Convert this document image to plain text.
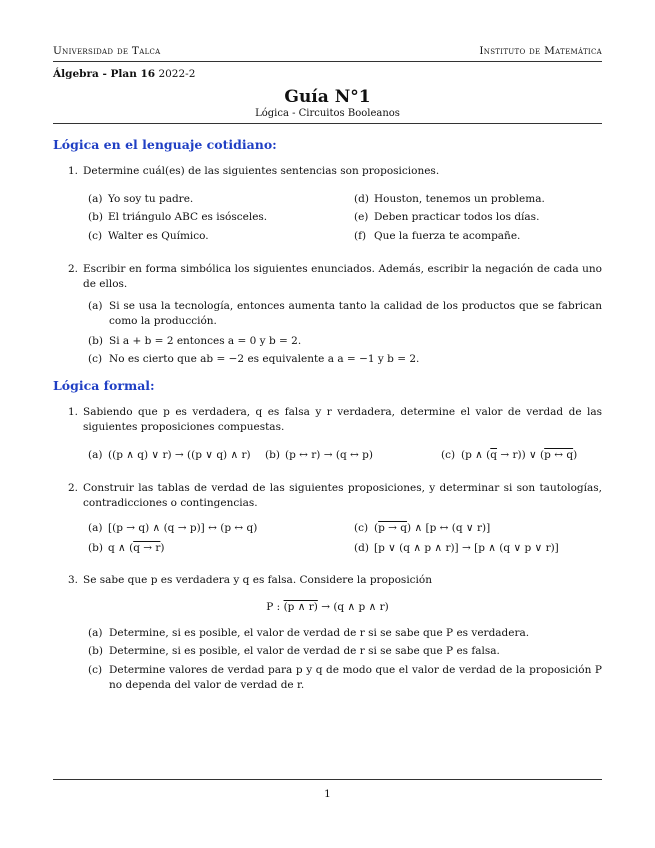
Universidad de Talca	Instituto de Matemática
Álgebra - Plan 16 2022-2
Guía N°1
Lógica - Circuitos Booleanos
Lógica en el lenguaje cotidiano:
1. Determine cuál(es) de las siguientes sentencias son proposiciones.
(a) Yo soy tu padre.
(b) El triángulo ABC es isósceles.
(c) Walter es Químico.
(d) Houston, tenemos un problema.
(e) Deben practicar todos los días.
(f) Que la fuerza te acompañe.
2. Escribir en forma simbólica los siguientes enunciados. Además, escribir la negación de cada uno de ellos.
(a) Si se usa la tecnología, entonces aumenta tanto la calidad de los productos que se fabrican como la producción.
(b) Si a + b = 2 entonces a = 0 y b = 2.
(c) No es cierto que ab = −2 es equivalente a a = −1 y b = 2.
Lógica formal:
1. Sabiendo que p es verdadera, q es falsa y r verdadera, determine el valor de verdad de las siguientes proposiciones compuestas.
(a) ((p ∧ q) ∨ r) → ((p ∨ q) ∧ r) (b) (p ↔ r) → (q ↔ p)	(c) (p ∧ $(\overline{q} \to r)$) ∨ (p ↔ q)
2. Construir las tablas de verdad de las siguientes proposiciones, y determinar si son tautologías, contradicciones o contingencias.
(a) [(p → q) ∧ (q → p)] ↔ (p ↔ q)
(b) q ∧ (q → r)
(c) (p → q) ∧ [p ↔ (q ∨ r)]
(d) [p ∨ (q ∧ p ∧ r)] → [p ∧ (q ∨ p ∨ r)]
3. Se sabe que p es verdadera y q es falsa. Considere la proposición
P : (p ∧ r) → (q ∧ p ∧ r)
(a) Determine, si es posible, el valor de verdad de r si se sabe que P es verdadera.
(b) Determine, si es posible, el valor de verdad de r si se sabe que P es falsa.
(c) Determine valores de verdad para p y q de modo que el valor de verdad de la proposición P no dependa del valor de verdad de r.
1
